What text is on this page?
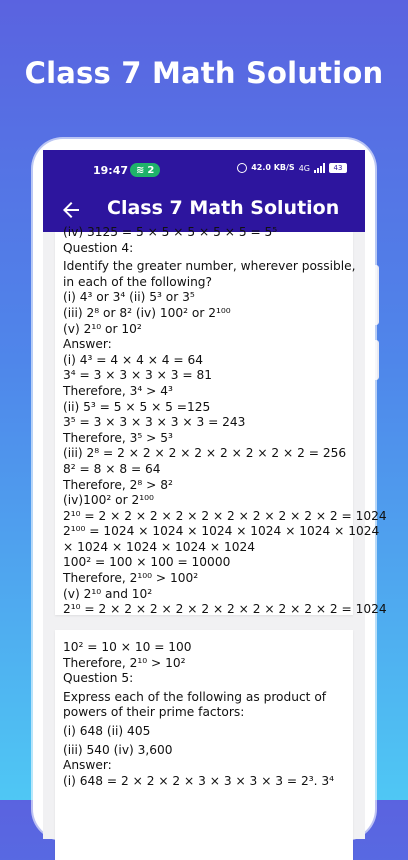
Class 7 Math Solution
19:47 ≋ 2	42.0 KB/S 4G	43
Class 7 Math Solution
(iv) 3125 = 5 × 5 × 5 × 5 × 5 = 5⁵
Question 4:
Identify the greater number, wherever possible,
in each of the following?
(i) 4³ or 3⁴ (ii) 5³ or 3⁵
(iii) 2⁸ or 8² (iv) 100² or 2¹⁰⁰
(v) 2¹⁰ or 10²
Answer:
(i) 4³ = 4 × 4 × 4 = 64
3⁴ = 3 × 3 × 3 × 3 = 81
Therefore, 3⁴ > 4³
(ii) 5³ = 5 × 5 × 5 =125
3⁵ = 3 × 3 × 3 × 3 × 3 = 243
Therefore, 3⁵ > 5³
(iii) 2⁸ = 2 × 2 × 2 × 2 × 2 × 2 × 2 × 2 = 256
8² = 8 × 8 = 64
Therefore, 2⁸ > 8²
(iv)100² or 2¹⁰⁰
2¹⁰ = 2 × 2 × 2 × 2 × 2 × 2 × 2 × 2 × 2 × 2 = 1024
2¹⁰⁰ = 1024 × 1024 × 1024 × 1024 × 1024 × 1024
× 1024 × 1024 × 1024 × 1024
100² = 100 × 100 = 10000
Therefore, 2¹⁰⁰ > 100²
(v) 2¹⁰ and 10²
2¹⁰ = 2 × 2 × 2 × 2 × 2 × 2 × 2 × 2 × 2 × 2 = 1024
10² = 10 × 10 = 100
Therefore, 2¹⁰ > 10²
Question 5:
Express each of the following as product of
powers of their prime factors:
(i) 648 (ii) 405
(iii) 540 (iv) 3,600
Answer:
(i) 648 = 2 × 2 × 2 × 3 × 3 × 3 × 3 = 2³. 3⁴
